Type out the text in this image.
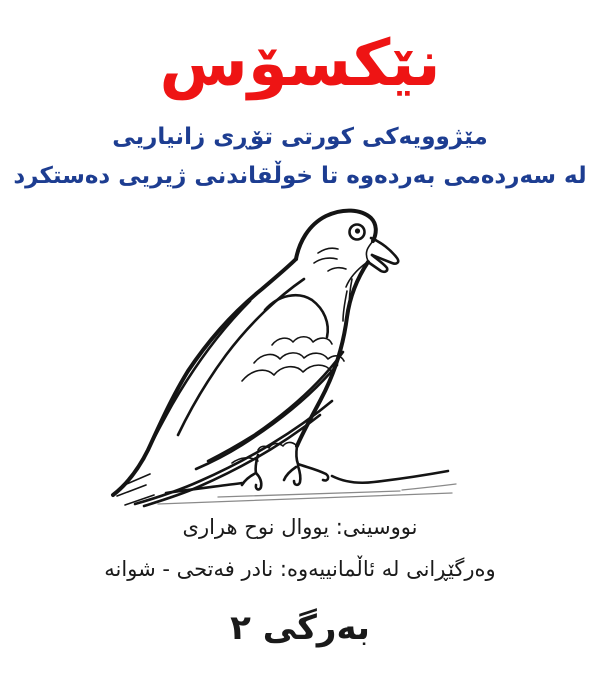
نێکسۆس
مێژوویەکی کورتی تۆڕی زانیاریی
لە سەردەمی بەردەوە تا خوڵقاندنی ژیریی دەستکرد
نووسینی: یووال نوح هراری
وەرگێڕانی لە ئاڵمانییەوە: نادر فەتحی - شوانە
بەرگی ٢
